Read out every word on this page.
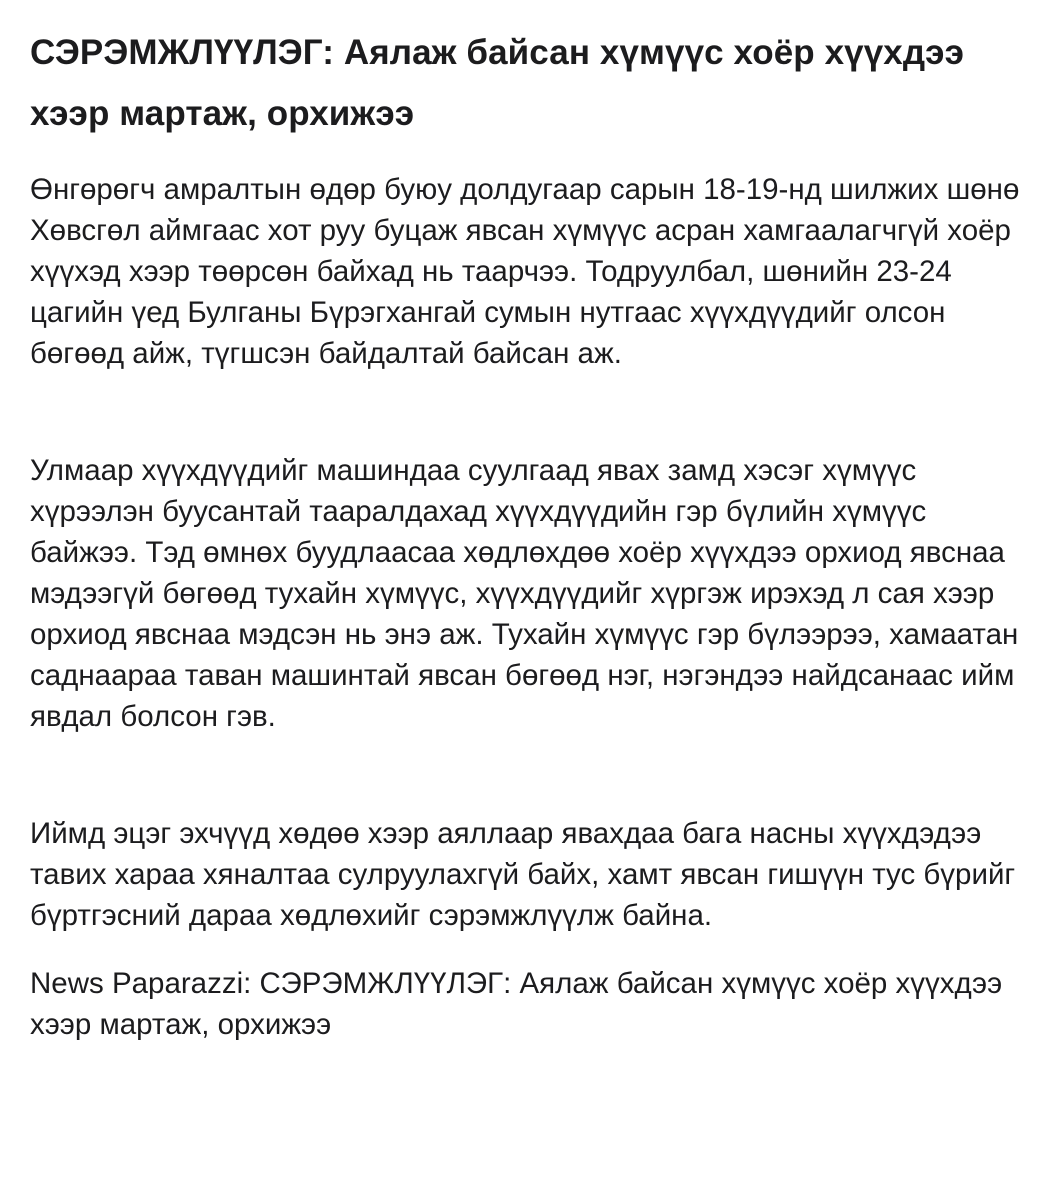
СЭРЭМЖЛҮҮЛЭГ: Аялаж байсан хүмүүс хоёр хүүхдээ хээр мартаж, орхижээ

Өнгөрөгч амралтын өдөр буюу долдугаар сарын 18-19-нд шилжих шөнө Хөвсгөл аймгаас хот руу буцаж явсан хүмүүс асран хамгаалагчгүй хоёр хүүхэд хээр төөрсөн байхад нь таарчээ. Тодруулбал, шөнийн 23-24 цагийн үед Булганы Бүрэгхангай сумын нутгаас хүүхдүүдийг олсон бөгөөд айж, түгшсэн байдалтай байсан аж.

Улмаар хүүхдүүдийг машиндаа суулгаад явах замд хэсэг хүмүүс хүрээлэн буусантай тааралдахад хүүхдүүдийн гэр бүлийн хүмүүс байжээ. Тэд өмнөх буудлаасаа хөдлөхдөө хоёр хүүхдээ орхиод явснаа мэдээгүй бөгөөд тухайн хүмүүс, хүүхдүүдийг хүргэж ирэхэд л сая хээр орхиод явснаа мэдсэн нь энэ аж. Тухайн хүмүүс гэр бүлээрээ, хамаатан саднаараа таван машинтай явсан бөгөөд нэг, нэгэндээ найдсанаас ийм явдал болсон гэв.

Иймд эцэг эхчүүд хөдөө хээр аяллаар явахдаа бага насны хүүхдэдээ тавих хараа хяналтаа сулруулахгүй байх, хамт явсан гишүүн тус бүрийг бүртгэсний дараа хөдлөхийг сэрэмжлүүлж байна.

News Paparazzi: СЭРЭМЖЛҮҮЛЭГ: Аялаж байсан хүмүүс хоёр хүүхдээ хээр мартаж, орхижээ
